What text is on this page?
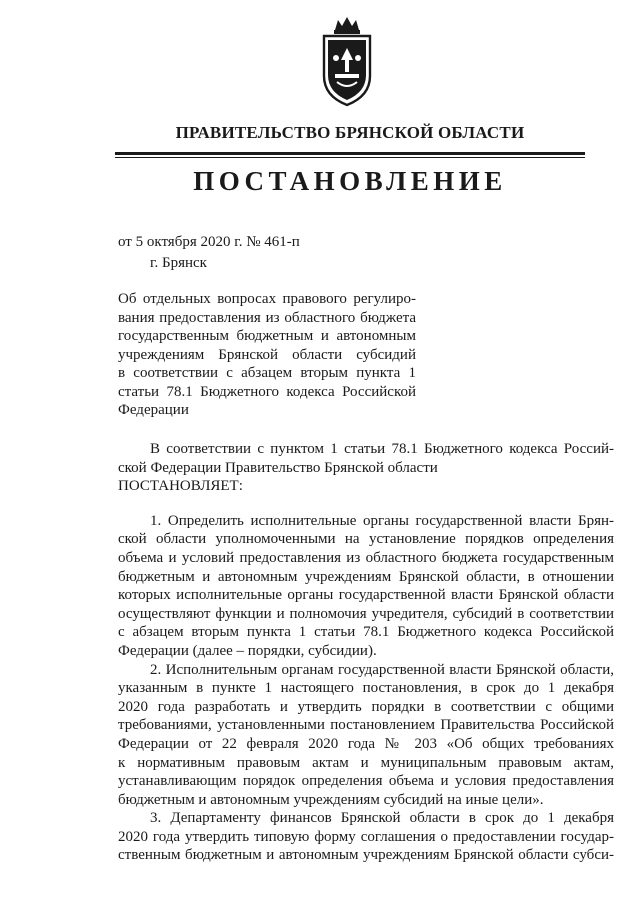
ПРАВИТЕЛЬСТВО БРЯНСКОЙ ОБЛАСТИ
ПОСТАНОВЛЕНИЕ
от 5 октября 2020 г. № 461-п
г. Брянск
Об отдельных вопросах правового регулиро-
вания предоставления из областного бюджета
государственным бюджетным и автономным
учреждениям Брянской области субсидий
в соответствии с абзацем вторым пункта 1
статьи 78.1 Бюджетного кодекса Российской
Федерации
В соответствии с пунктом 1 статьи 78.1 Бюджетного кодекса Россий-
ской Федерации Правительство Брянской области
ПОСТАНОВЛЯЕТ:
1. Определить исполнительные органы государственной власти Брян-
ской области уполномоченными на установление порядков определения
объема и условий предоставления из областного бюджета государственным
бюджетным и автономным учреждениям Брянской области, в отношении
которых исполнительные органы государственной власти Брянской области
осуществляют функции и полномочия учредителя, субсидий в соответствии
с абзацем вторым пункта 1 статьи 78.1 Бюджетного кодекса Российской
Федерации (далее – порядки, субсидии).
2. Исполнительным органам государственной власти Брянской области,
указанным в пункте 1 настоящего постановления, в срок до 1 декабря
2020 года разработать и утвердить порядки в соответствии с общими
требованиями, установленными постановлением Правительства Российской
Федерации от 22 февраля 2020 года № 203 «Об общих требованиях
к нормативным правовым актам и муниципальным правовым актам,
устанавливающим порядок определения объема и условия предоставления
бюджетным и автономным учреждениям субсидий на иные цели».
3. Департаменту финансов Брянской области в срок до 1 декабря
2020 года утвердить типовую форму соглашения о предоставлении государ-
ственным бюджетным и автономным учреждениям Брянской области субси-
